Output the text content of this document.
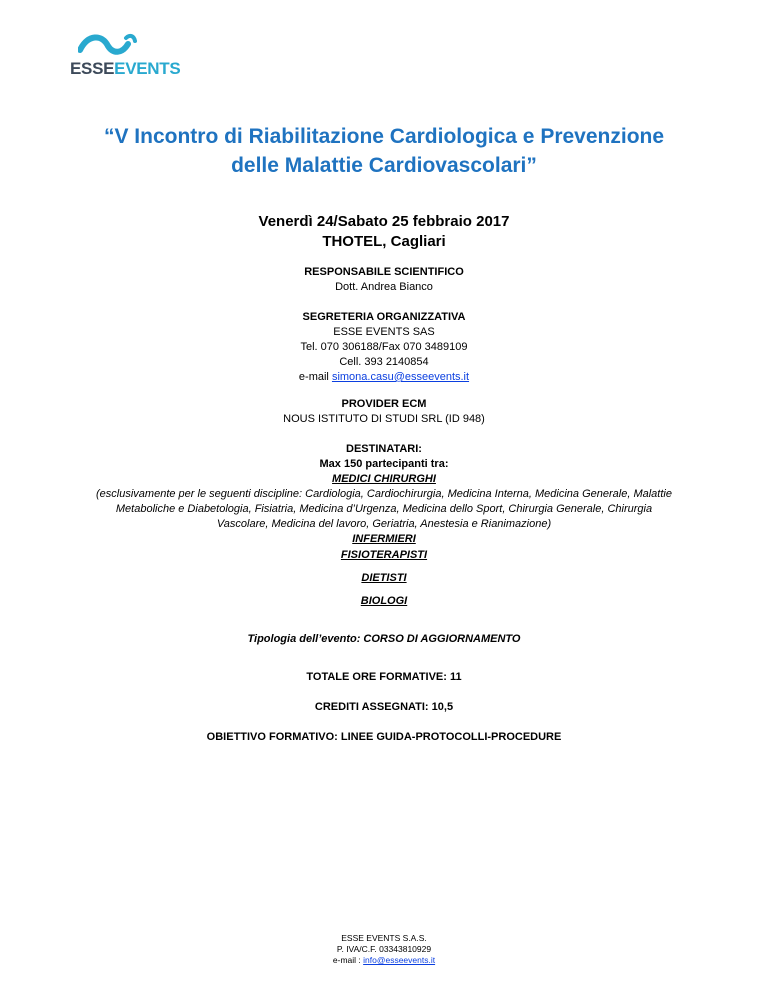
ESSEEVENTS
“V Incontro di Riabilitazione Cardiologica e Prevenzione
delle Malattie Cardiovascolari”
Venerdì 24/Sabato 25 febbraio 2017
THOTEL, Cagliari
RESPONSABILE SCIENTIFICO
Dott. Andrea Bianco
SEGRETERIA ORGANIZZATIVA
ESSE EVENTS SAS
Tel. 070 306188/Fax 070 3489109
Cell. 393 2140854
e-mail simona.casu@esseevents.it
PROVIDER ECM
NOUS ISTITUTO DI STUDI SRL (ID 948)
DESTINATARI:
Max 150 partecipanti tra:
MEDICI CHIRURGHI
(esclusivamente per le seguenti discipline: Cardiologia, Cardiochirurgia, Medicina Interna, Medicina Generale, Malattie
Metaboliche e Diabetologia, Fisiatria, Medicina d’Urgenza, Medicina dello Sport, Chirurgia Generale, Chirurgia
Vascolare, Medicina del lavoro, Geriatria, Anestesia e Rianimazione)
INFERMIERI
FISIOTERAPISTI
DIETISTI
BIOLOGI
Tipologia dell’evento: CORSO DI AGGIORNAMENTO
TOTALE ORE FORMATIVE: 11
CREDITI ASSEGNATI: 10,5
OBIETTIVO FORMATIVO: LINEE GUIDA-PROTOCOLLI-PROCEDURE
ESSE EVENTS S.A.S.
P. IVA/C.F. 03343810929
e-mail : info@esseevents.it
